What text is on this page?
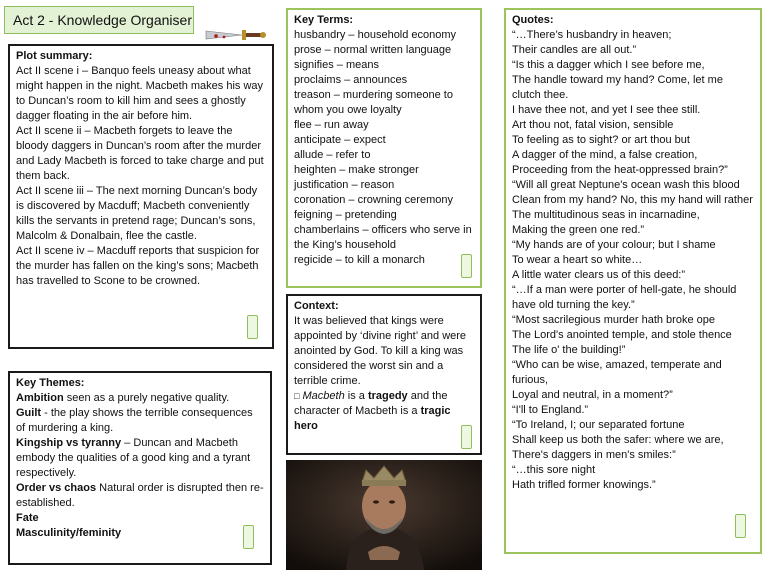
Act 2 - Knowledge Organiser
Plot summary:

Act II scene i – Banquo feels uneasy about what might happen in the night. Macbeth makes his way to Duncan’s room to kill him and sees a ghostly dagger floating in the air before him.

Act II scene ii – Macbeth forgets to leave the bloody daggers in Duncan’s room after the murder and Lady Macbeth is forced to take charge and put them back.

Act II scene iii – The next morning Duncan’s body is discovered by Macduff; Macbeth conveniently kills the servants in pretend rage; Duncan’s sons, Malcolm & Donalbain, flee the castle.

Act II scene iv – Macduff reports that suspicion for the murder has fallen on the king’s sons; Macbeth has travelled to Scone to be crowned.

Key Terms:

husbandry – household economy

prose – normal written language

signifies – means

proclaims – announces

treason – murdering someone to whom you owe loyalty

flee – run away

anticipate – expect

allude – refer to

heighten – make stronger

justification – reason

coronation – crowning ceremony

feigning – pretending

chamberlains – officers who serve in the King’s household

regicide – to kill a monarch

Context:

It was believed that kings were appointed by ‘divine right’ and were anointed by God. To kill a king was considered the worst sin and a terrible crime.

□ Macbeth is a tragedy and the character of Macbeth is a tragic hero

Key Themes:

Ambition seen as a purely negative quality.

Guilt - the play shows the terrible consequences of murdering a king.

Kingship vs tyranny – Duncan and Macbeth embody the qualities of a good king and a tyrant respectively.

Order vs chaos Natural order is disrupted then re-established.

Fate

Masculinity/feminity

Quotes:

“…There’s husbandry in heaven;

Their candles are all out.”

“Is this a dagger which I see before me,

The handle toward my hand? Come, let me clutch thee.

I have thee not, and yet I see thee still.

Art thou not, fatal vision, sensible

To feeling as to sight? or art thou but

A dagger of the mind, a false creation,

Proceeding from the heat-oppressed brain?”

“Will all great Neptune's ocean wash this blood

Clean from my hand? No, this my hand will rather

The multitudinous seas in incarnadine,

Making the green one red.”

“My hands are of your colour; but I shame

To wear a heart so white…

A little water clears us of this deed:”

“…If a man were porter of hell-gate, he should have old turning the key.”

“Most sacrilegious murder hath broke ope

The Lord's anointed temple, and stole thence

The life o' the building!”

“Who can be wise, amazed, temperate and furious,

Loyal and neutral, in a moment?”

“I'll to England.”

“To Ireland, I; our separated fortune

Shall keep us both the safer: where we are,

There's daggers in men's smiles:”

“…this sore night

Hath trifled former knowings.”
